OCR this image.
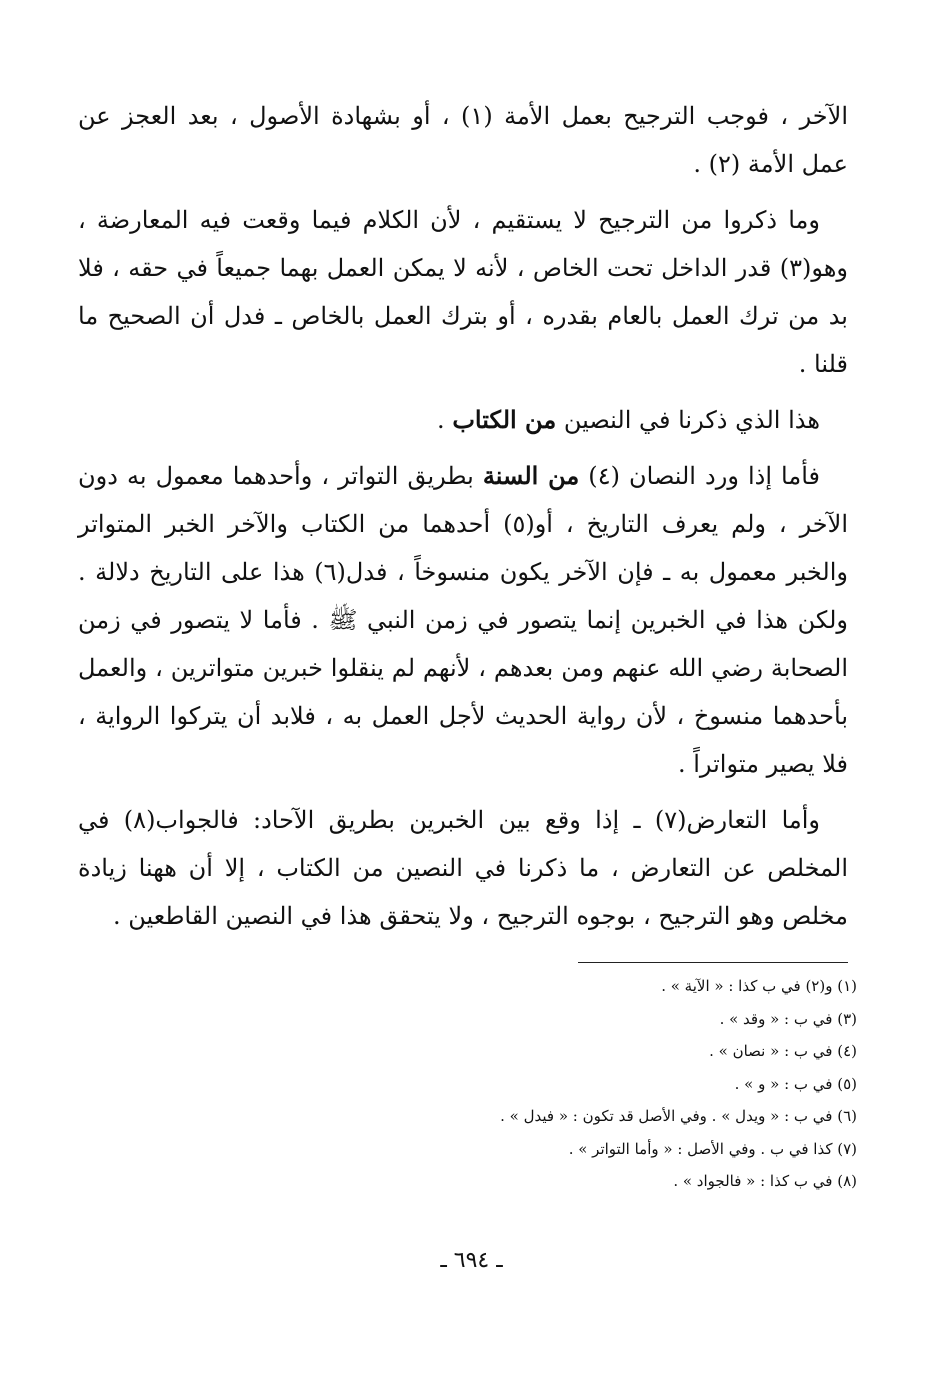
الآخر ، فوجب الترجيح بعمل الأمة (١) ، أو بشهادة الأصول ، بعد العجز عن عمل الأمة (٢) .

وما ذكروا من الترجيح لا يستقيم ، لأن الكلام فيما وقعت فيه المعارضة ، وهو(٣) قدر الداخل تحت الخاص ، لأنه لا يمكن العمل بهما جميعاً في حقه ، فلا بد من ترك العمل بالعام بقدره ، أو بترك العمل بالخاص ـ فدل أن الصحيح ما قلنا .

هذا الذي ذكرنا في النصين من الكتاب .

فأما إذا ورد النصان (٤) من السنة بطريق التواتر ، وأحدهما معمول به دون الآخر ، ولم يعرف التاريخ ، أو(٥) أحدهما من الكتاب والآخر الخبر المتواتر والخبر معمول به ـ فإن الآخر يكون منسوخاً ، فدل(٦) هذا على التاريخ دلالة . ولكن هذا في الخبرين إنما يتصور في زمن النبي ﷺ . فأما لا يتصور في زمن الصحابة رضي الله عنهم ومن بعدهم ، لأنهم لم ينقلوا خبرين متواترين ، والعمل بأحدهما منسوخ ، لأن رواية الحديث لأجل العمل به ، فلابد أن يتركوا الرواية ، فلا يصير متواتراً .

وأما التعارض(٧) ـ إذا وقع بين الخبرين بطريق الآحاد: فالجواب(٨) في المخلص عن التعارض ، ما ذكرنا في النصين من الكتاب ، إلا أن ههنا زيادة مخلص وهو الترجيح ، بوجوه الترجيح ، ولا يتحقق هذا في النصين القاطعين .

(١) و(٢) في ب كذا : « الآية » .

(٣) في ب : « وقد » .

(٤) في ب : « نصان » .

(٥) في ب : « و » .

(٦) في ب : « ويدل » . وفي الأصل قد تكون : « فيدل » .

(٧) كذا في ب . وفي الأصل : « وأما التواتر » .

(٨) في ب كذا : « فالجواد » .

ـ ٦٩٤ ـ
